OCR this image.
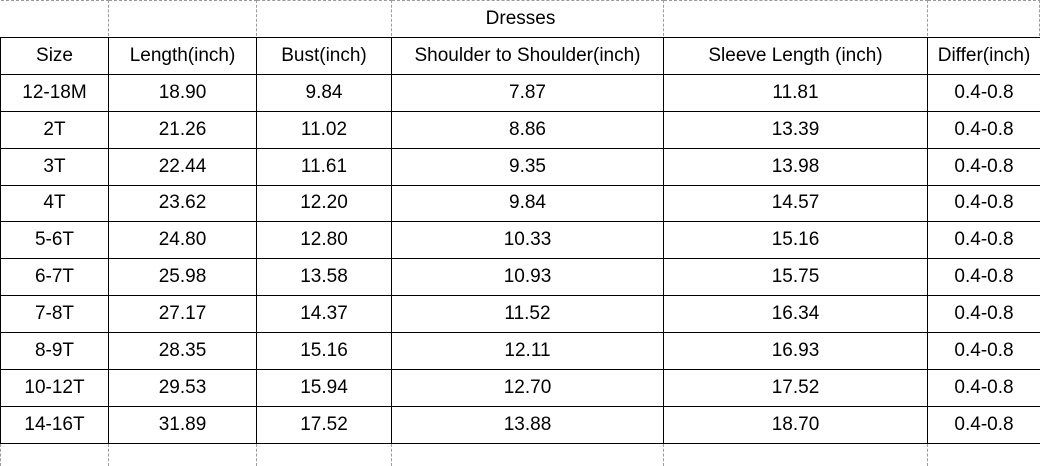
Dresses					
Size	Length(inch)	Bust(inch)	Shoulder to Shoulder(inch)	Sleeve Length (inch)	Differ(inch)
12-18M	18.90	9.84	7.87	11.81	0.4-0.8
2T	21.26	11.02	8.86	13.39	0.4-0.8
3T	22.44	11.61	9.35	13.98	0.4-0.8
4T	23.62	12.20	9.84	14.57	0.4-0.8
5-6T	24.80	12.80	10.33	15.16	0.4-0.8
6-7T	25.98	13.58	10.93	15.75	0.4-0.8
7-8T	27.17	14.37	11.52	16.34	0.4-0.8
8-9T	28.35	15.16	12.11	16.93	0.4-0.8
10-12T	29.53	15.94	12.70	17.52	0.4-0.8
14-16T	31.89	17.52	13.88	18.70	0.4-0.8
